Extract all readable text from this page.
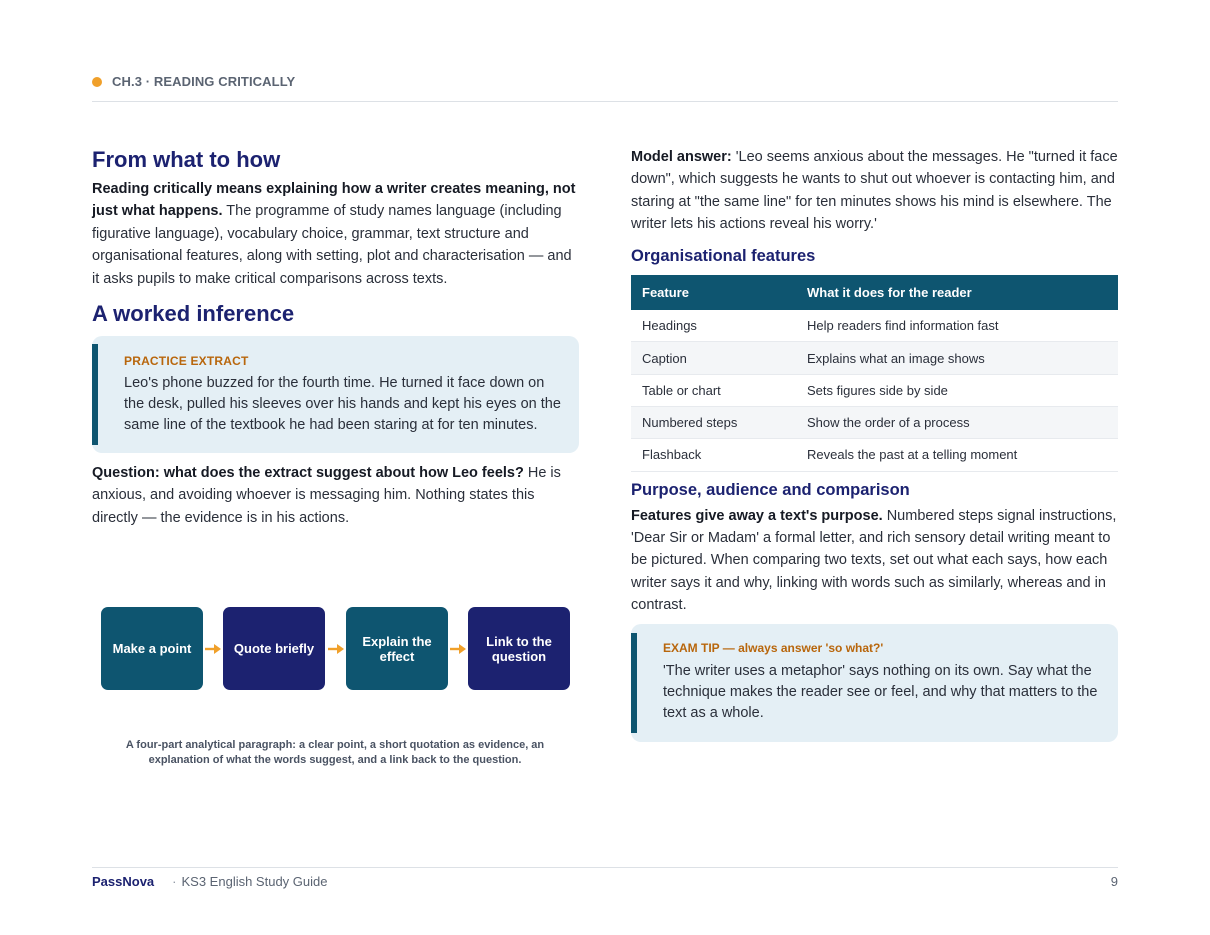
CH.3 · READING CRITICALLY
From what to how

Reading critically means explaining how a writer creates meaning, not just what happens. The programme of study names language (including figurative language), vocabulary choice, grammar, text structure and organisational features, along with setting, plot and characterisation — and it asks pupils to make critical comparisons across texts.

A worked inference
PRACTICE EXTRACT
Leo's phone buzzed for the fourth time. He turned it face down on the desk, pulled his sleeves over his hands and kept his eyes on the same line of the textbook he had been staring at for ten minutes.

Question: what does the extract suggest about how Leo feels? He is anxious, and avoiding whoever is messaging him. Nothing states this directly — the evidence is in his actions.

Make a point	Quote briefly	Explain the effect
Link to the question
A four-part analytical paragraph: a clear point, a short quotation as evidence, an explanation of what the words suggest, and a link back to the question.

Model answer: 'Leo seems anxious about the messages. He "turned it face down", which suggests he wants to shut out whoever is contacting him, and staring at "the same line" for ten minutes shows his mind is elsewhere. The writer lets his actions reveal his worry.'

Organisational features
Feature	What it does for the reader
Headings	Help readers find information fast
Caption	Explains what an image shows
Table or chart	Sets figures side by side
Numbered steps	Show the order of a process
Flashback	Reveals the past at a telling moment
Purpose, audience and comparison

Features give away a text's purpose. Numbered steps signal instructions, 'Dear Sir or Madam' a formal letter, and rich sensory detail writing meant to be pictured. When comparing two texts, set out what each says, how each writer says it and why, linking with words such as similarly, whereas and in contrast.

EXAM TIP — always answer 'so what?'
'The writer uses a metaphor' says nothing on its own. Say what the technique makes the reader see or feel, and why that matters to the text as a whole.
PassNova · KS3 English Study Guide	9
